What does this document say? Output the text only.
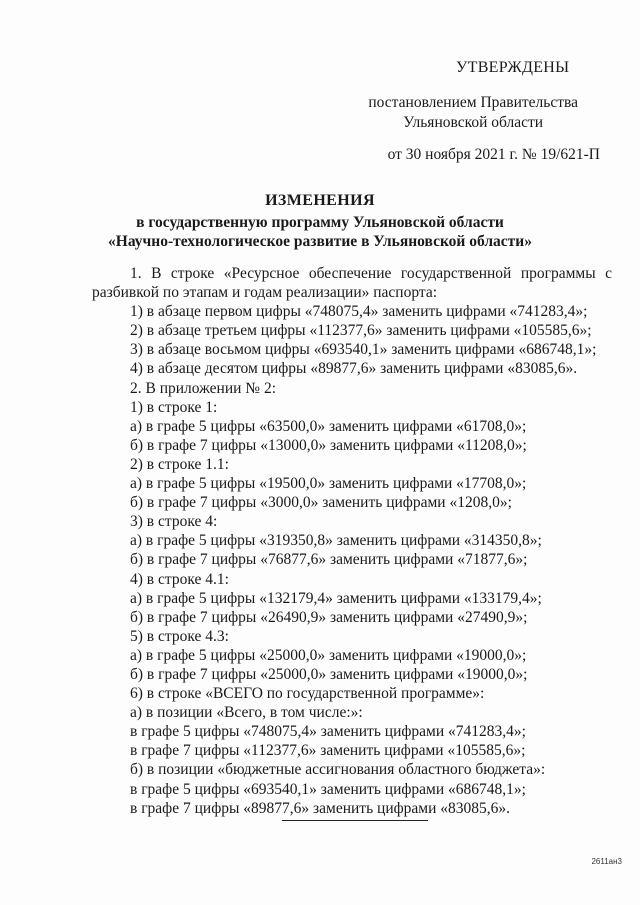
УТВЕРЖДЕНЫ
постановлением Правительства
Ульяновской области
от 30 ноября 2021 г. № 19/621-П
ИЗМЕНЕНИЯ
в государственную программу Ульяновской области
«Научно-технологическое развитие в Ульяновской области»

1. В строке «Ресурсное обеспечение государственной программы с разбивкой по этапам и годам реализации» паспорта:

1) в абзаце первом цифры «748075,4» заменить цифрами «741283,4»;

2) в абзаце третьем цифры «112377,6» заменить цифрами «105585,6»;

3) в абзаце восьмом цифры «693540,1» заменить цифрами «686748,1»;

4) в абзаце десятом цифры «89877,6» заменить цифрами «83085,6».

2. В приложении № 2:

1) в строке 1:

а) в графе 5 цифры «63500,0» заменить цифрами «61708,0»;

б) в графе 7 цифры «13000,0» заменить цифрами «11208,0»;

2) в строке 1.1:

а) в графе 5 цифры «19500,0» заменить цифрами «17708,0»;

б) в графе 7 цифры «3000,0» заменить цифрами «1208,0»;

3) в строке 4:

а) в графе 5 цифры «319350,8» заменить цифрами «314350,8»;

б) в графе 7 цифры «76877,6» заменить цифрами «71877,6»;

4) в строке 4.1:

а) в графе 5 цифры «132179,4» заменить цифрами «133179,4»;

б) в графе 7 цифры «26490,9» заменить цифрами «27490,9»;

5) в строке 4.3:

а) в графе 5 цифры «25000,0» заменить цифрами «19000,0»;

б) в графе 7 цифры «25000,0» заменить цифрами «19000,0»;

6) в строке «ВСЕГО по государственной программе»:

а) в позиции «Всего, в том числе:»:

в графе 5 цифры «748075,4» заменить цифрами «741283,4»;

в графе 7 цифры «112377,6» заменить цифрами «105585,6»;

б) в позиции «бюджетные ассигнования областного бюджета»:

в графе 5 цифры «693540,1» заменить цифрами «686748,1»;

в графе 7 цифры «89877,6» заменить цифрами «83085,6».

2611ан3
